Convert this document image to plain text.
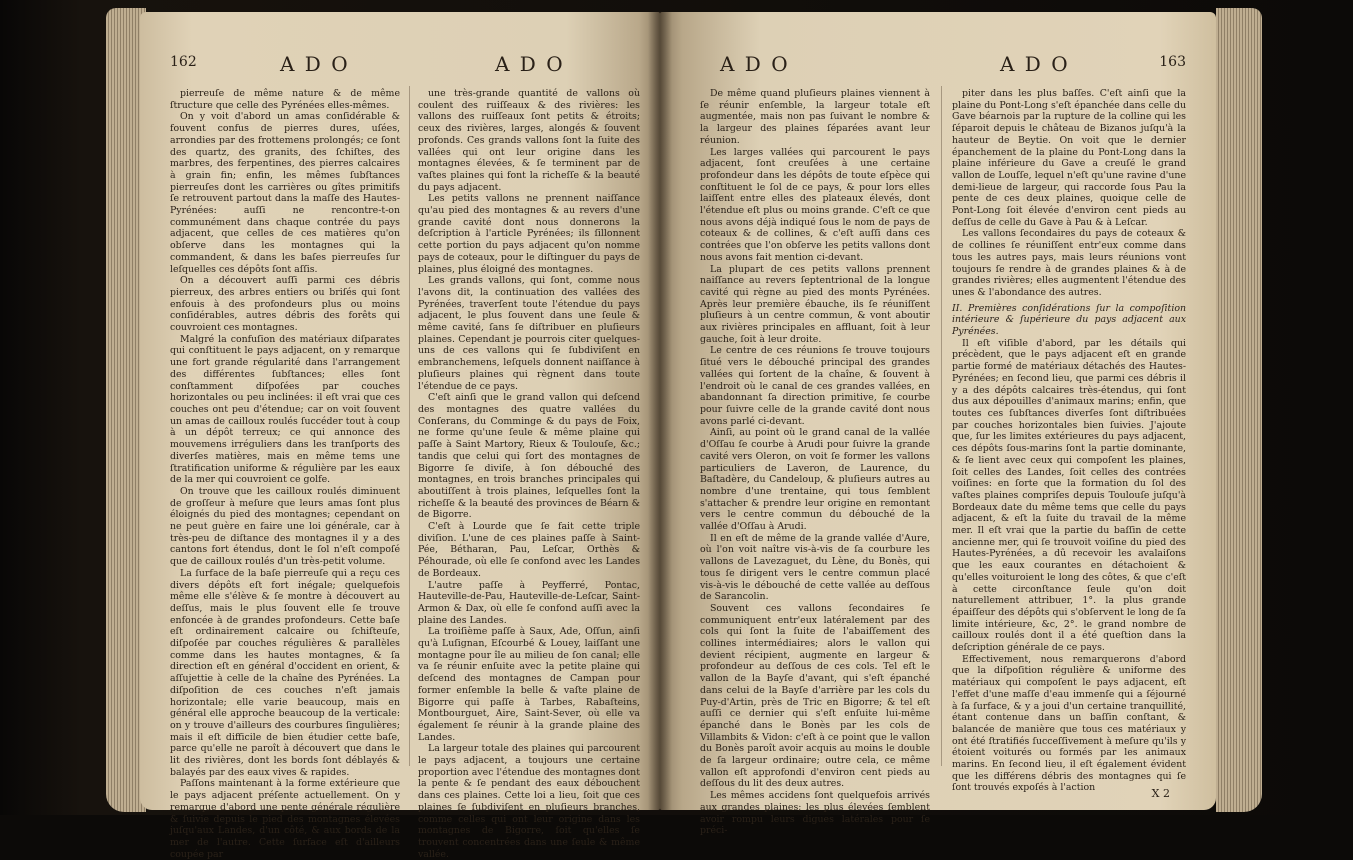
162	A D O	A D O

pierreuſe de même nature & de même ſtructure que celle des Pyrénées elles-mêmes.

On y voit d'abord un amas conſidérable & fouvent confus de pierres dures, uſées, arrondies par des frottemens prolongés; ce ſont des quartz, des granits, des ſchiſtes, des marbres, des ferpentines, des pierres calcaires à grain fin; enfin, les mêmes ſubſtances pierreuſes dont les carrières ou gîtes primitifs ſe retrouvent partout dans la maſſe des Hautes-Pyrénées: auſſi ne rencontre-t-on communément dans chaque contrée du pays adjacent, que celles de ces matières qu'on obſerve dans les montagnes qui la commandent, & dans les baſes pierreuſes ſur leſquelles ces dépôts ſont aſſis.

On a découvert auſſi parmi ces débris pierreux, des arbres entiers ou briſés qui ſont enfouis à des profondeurs plus ou moins conſidérables, autres débris des forêts qui couvroient ces montagnes.

Malgré la confuſion des matériaux diſparates qui conſtituent le pays adjacent, on y remarque une fort grande régularité dans l'arrangement des différentes ſubſtances; elles ſont conſtamment diſpoſées par couches horizontales ou peu inclinées: il eſt vrai que ces couches ont peu d'étendue; car on voit ſouvent un amas de cailloux roulés ſuccéder tout à coup à un dépôt terreux; ce qui annonce des mouvemens irréguliers dans les tranſports des diverſes matières, mais en même tems une ſtratification uniforme & régulière par les eaux de la mer qui couvroient ce golfe.

On trouve que les cailloux roulés diminuent de groſſeur à meſure que leurs amas ſont plus éloignés du pied des montagnes; cependant on ne peut guère en faire une loi générale, car à très-peu de diſtance des montagnes il y a des cantons fort étendus, dont le ſol n'eſt compoſé que de cailloux roulés d'un très-petit volume.

La ſurface de la baſe pierreuſe qui a reçu ces divers dépôts eſt fort inégale; quelquefois même elle s'élève & ſe montre à découvert au deſſus, mais le plus ſouvent elle ſe trouve enfoncée à de grandes profondeurs. Cette baſe eſt ordinairement calcaire ou ſchiſteuſe, diſpoſée par couches régulières & parallèles comme dans les hautes montagnes, & ſa direction eſt en général d'occident en orient, & aſſujettie à celle de la chaîne des Pyrénées. La diſpoſition de ces couches n'eſt jamais horizontale; elle varie beaucoup, mais en général elle approche beaucoup de la verticale: on y trouve d'ailleurs des courbures ſingulières; mais il eſt difficile de bien étudier cette baſe, parce qu'elle ne paroît à découvert que dans le lit des rivières, dont les bords ſont déblayés & balayés par des eaux vives & rapides.

Paſſons maintenant à la forme extérieure que le pays adjacent préſente actuellement. On y remarque d'abord une pente générale régulière & ſuivie depuis le pied des montagnes élevées juſqu'aux Landes, d'un côté, & aux bords de la mer de l'autre. Cette ſurface eſt d'ailleurs coupée par

une très-grande quantité de vallons où coulent des ruiſſeaux & des rivières: les vallons des ruiſſeaux ſont petits & étroits; ceux des rivières, larges, alongés & ſouvent profonds. Ces grands vallons ſont la ſuite des vallées qui ont leur origine dans les montagnes élevées, & ſe terminent par de vaſtes plaines qui font la richeſſe & la beauté du pays adjacent.

Les petits vallons ne prennent naiſſance qu'au pied des montagnes & au revers d'une grande cavité dont nous donnerons la deſcription à l'article Pyrénées; ils ſillonnent cette portion du pays adjacent qu'on nomme pays de coteaux, pour le diſtinguer du pays de plaines, plus éloigné des montagnes.

Les grands vallons, qui ſont, comme nous l'avons dit, la continuation des vallées des Pyrénées, traverſent toute l'étendue du pays adjacent, le plus ſouvent dans une ſeule & même cavité, ſans ſe diſtribuer en pluſieurs plaines. Cependant je pourrois citer quelques-uns de ces vallons qui ſe ſubdiviſent en embranchemens, leſquels donnent naiſſance à pluſieurs plaines qui règnent dans toute l'étendue de ce pays.

C'eſt ainſi que le grand vallon qui deſcend des montagnes des quatre vallées du Conſerans, du Comminge & du pays de Foix, ne forme qu'une ſeule & même plaine qui paſſe à Saint Martory, Rieux & Toulouſe, &c.; tandis que celui qui ſort des montagnes de Bigorre ſe diviſe, à ſon débouché des montagnes, en trois branches principales qui aboutiſſent à trois plaines, leſquelles ſont la richeſſe & la beauté des provinces de Béarn & de Bigorre.

C'eſt à Lourde que ſe fait cette triple diviſion. L'une de ces plaines paſſe à Saint-Pée, Bétharan, Pau, Leſcar, Orthès & Péhourade, où elle ſe confond avec les Landes de Bordeaux.

L'autre paſſe à Peyfferré, Pontac, Hauteville-de-Pau, Hauteville-de-Leſcar, Saint-Armon & Dax, où elle ſe confond auſſi avec la plaine des Landes.

La troiſième paſſe à Saux, Ade, Oſſun, ainſi qu'à Luſignan, Eſcourbé & Louey, laiſſant une montagne pour île au milieu de ſon canal; elle va ſe réunir enſuite avec la petite plaine qui deſcend des montagnes de Campan pour former enſemble la belle & vaſte plaine de Bigorre qui paſſe à Tarbes, Rabaſteins, Montbourguet, Aire, Saint-Sever, où elle va également ſe réunir à la grande plaine des Landes.

La largeur totale des plaines qui parcourent le pays adjacent, a toujours une certaine proportion avec l'étendue des montagnes dont la pente & ſe pendant des eaux débouchent dans ces plaines. Cette loi a lieu, ſoit que ces plaines ſe ſubdiviſent en pluſieurs branches, comme celles qui ont leur origine dans les montagnes de Bigorre, ſoit qu'elles ſe trouvent concentrées dans une ſeule & même vallée.

A D O	A D O	163

De même quand pluſieurs plaines viennent à ſe réunir enſemble, la largeur totale eſt augmentée, mais non pas ſuivant le nombre & la largeur des plaines ſéparées avant leur réunion.

Les larges vallées qui parcourent le pays adjacent, ſont creuſées à une certaine profondeur dans les dépôts de toute eſpèce qui conſtituent le ſol de ce pays, & pour lors elles laiſſent entre elles des plateaux élevés, dont l'étendue eſt plus ou moins grande. C'eſt ce que nous avons déjà indiqué ſous le nom de pays de coteaux & de collines, & c'eſt auſſi dans ces contrées que l'on obſerve les petits vallons dont nous avons fait mention ci-devant.

La plupart de ces petits vallons prennent naiſſance au revers ſeptentrional de la longue cavité qui règne au pied des monts Pyrénées. Après leur première ébauche, ils ſe réuniſſent pluſieurs à un centre commun, & vont aboutir aux rivières principales en affluant, ſoit à leur gauche, ſoit à leur droite.

Le centre de ces réunions ſe trouve toujours ſitué vers le débouché principal des grandes vallées qui ſortent de la chaîne, & ſouvent à l'endroit où le canal de ces grandes vallées, en abandonnant ſa direction primitive, ſe courbe pour ſuivre celle de la grande cavité dont nous avons parlé ci-devant.

Ainſi, au point où le grand canal de la vallée d'Oſſau ſe courbe à Arudi pour ſuivre la grande cavité vers Oleron, on voit ſe former les vallons particuliers de Laveron, de Laurence, du Baſtadère, du Candeloup, & pluſieurs autres au nombre d'une trentaine, qui tous ſemblent s'attacher & prendre leur origine en remontant vers le centre commun du débouché de la vallée d'Oſſau à Arudi.

Il en eſt de même de la grande vallée d'Aure, où l'on voit naître vis-à-vis de ſa courbure les vallons de Lavezaguet, du Lène, du Bonès, qui tous ſe dirigent vers le centre commun placé vis-à-vis le débouché de cette vallée au deſſous de Sarancolin.

Souvent ces vallons ſecondaires ſe communiquent entr'eux latéralement par des cols qui ſont la ſuite de l'abaiſſement des collines intermédiaires; alors le vallon qui devient récipient, augmente en largeur & profondeur au deſſous de ces cols. Tel eſt le vallon de la Bayſe d'avant, qui s'eſt épanché dans celui de la Bayſe d'arrière par les cols du Puy-d'Artin, près de Tric en Bigorre; & tel eſt auſſi ce dernier qui s'eſt enſuite lui-même épanché dans le Bonès par les cols de Villambits & Vidon: c'eſt à ce point que le vallon du Bonès paroît avoir acquis au moins le double de ſa largeur ordinaire; outre cela, ce même vallon eſt approfondi d'environ cent pieds au deſſous du lit des deux autres.

Les mêmes accidens ſont quelquefois arrivés aux grandes plaines; les plus élevées ſemblent avoir rompu leurs digues latérales pour ſe préci-

piter dans les plus baſſes. C'eſt ainſi que la plaine du Pont-Long s'eſt épanchée dans celle du Gave béarnois par la rupture de la colline qui les ſéparoit depuis le château de Bizanos juſqu'à la hauteur de Beytie. On voit que le dernier épanchement de la plaine du Pont-Long dans la plaine inférieure du Gave a creuſé le grand vallon de Louſſe, lequel n'eſt qu'une ravine d'une demi-lieue de largeur, qui raccorde ſous Pau la pente de ces deux plaines, quoique celle de Pont-Long ſoit élevée d'environ cent pieds au deſſus de celle du Gave à Pau & à Leſcar.

Les vallons ſecondaires du pays de coteaux & de collines ſe réuniſſent entr'eux comme dans tous les autres pays, mais leurs réunions vont toujours ſe rendre à de grandes plaines & à de grandes rivières; elles augmentent l'étendue des unes & l'abondance des autres.

II. Premières conſidérations ſur la compoſition intérieure & ſupérieure du pays adjacent aux Pyrénées.

Il eſt viſible d'abord, par les détails qui précèdent, que le pays adjacent eſt en grande partie formé de matériaux détachés des Hautes-Pyrénées; en ſecond lieu, que parmi ces débris il y a des dépôts calcaires très-étendus, qui ſont dus aux dépouilles d'animaux marins; enfin, que toutes ces ſubſtances diverſes ſont diſtribuées par couches horizontales bien ſuivies. J'ajoute que, ſur les limites extérieures du pays adjacent, ces dépôts ſous-marins ſont la partie dominante, & ſe lient avec ceux qui compoſent les plaines, ſoit celles des Landes, ſoit celles des contrées voiſines: en ſorte que la formation du ſol des vaſtes plaines compriſes depuis Toulouſe juſqu'à Bordeaux date du même tems que celle du pays adjacent, & eſt la ſuite du travail de la même mer. Il eſt vrai que la partie du baſſin de cette ancienne mer, qui ſe trouvoit voiſine du pied des Hautes-Pyrénées, a dû recevoir les avalaiſons que les eaux courantes en détachoient & qu'elles voituroient le long des côtes, & que c'eſt à cette circonſtance ſeule qu'on doit naturellement attribuer, 1°. la plus grande épaiſſeur des dépôts qui s'obſervent le long de ſa limite intérieure, &c, 2°. le grand nombre de cailloux roulés dont il a été queſtion dans la deſcription générale de ce pays.

Effectivement, nous remarquerons d'abord que la diſpoſition régulière & uniforme des matériaux qui compoſent le pays adjacent, eſt l'effet d'une maſſe d'eau immenſe qui a ſéjourné à ſa ſurface, & y a joui d'un certaine tranquillité, étant contenue dans un baſſin conſtant, & balancée de manière que tous ces matériaux y ont été ſtratifiés ſucceſſivement à meſure qu'ils y étoient voiturés ou formés par les animaux marins. En ſecond lieu, il eſt également évident que les différens débris des montagnes qui ſe ſont trouvés expoſés à l'action	X 2
